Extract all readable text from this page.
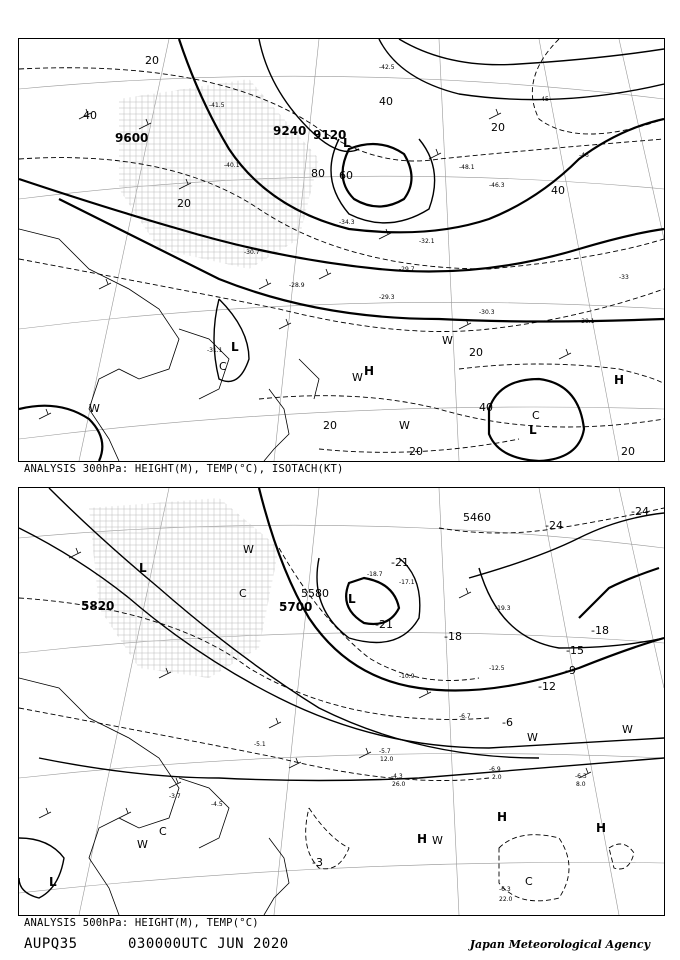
-41.5
-40.1
-34.3
-30.7
-29.7
-30.3
-30.1
-29.3
-28.9
-31.1
-32.1
-46.3
-45
-46
-48.1
-42.5
-33
9600	9240 9120
20
40
60
80
20
40
20
40
20
40
20
20	20
L
L
L
H
H
C
C
W
W
W
W
ANALYSIS 300hPa: HEIGHT(M), TEMP(°C), ISOTACH(KT)
-17.1
-18.7
-19.3
-12.5
-10.9
-6.7
-5.7
-4.3
-6.9
-6.3
-5.1
-4.5
-3.7
-6.3
22.0
26.0
12.0
8.0
2.0
5820	5700
5580
5460	-24
-21
-18
-15
-12
-9
-6
-3
-21
-24
-18
L
L
L
H
H
H
C
C
C
W
W
W
W
W
ANALYSIS 500hPa: HEIGHT(M), TEMP(°C)
AUPQ35	030000UTC JUN 2020	Japan Meteorological Agency
